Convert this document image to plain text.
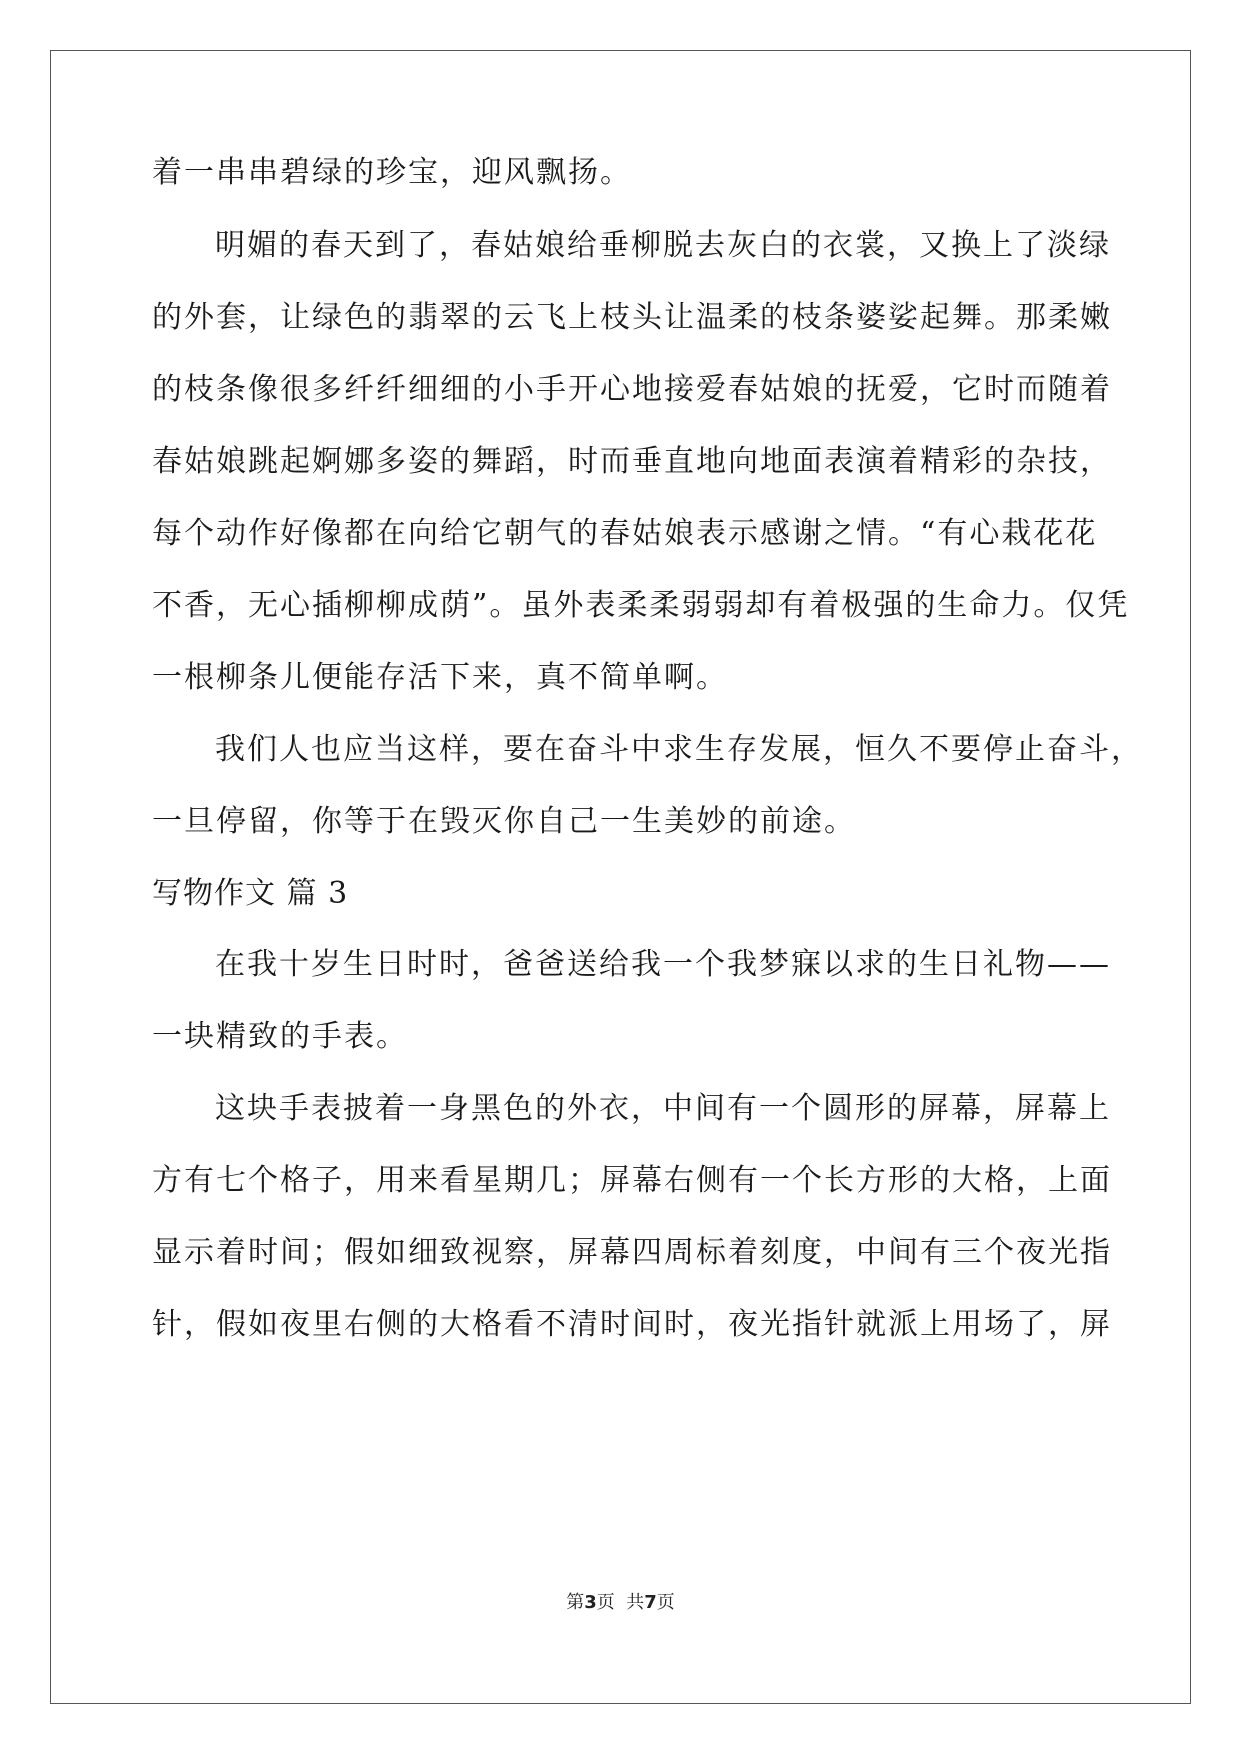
着一串串碧绿的珍宝，迎风飘扬。
明媚的春天到了，春姑娘给垂柳脱去灰白的衣裳，又换上了淡绿
的外套，让绿色的翡翠的云飞上枝头让温柔的枝条婆娑起舞。那柔嫩
的枝条像很多纤纤细细的小手开心地接爱春姑娘的抚爱，它时而随着
春姑娘跳起婀娜多姿的舞蹈，时而垂直地向地面表演着精彩的杂技，
每个动作好像都在向给它朝气的春姑娘表示感谢之情。“有心栽花花
不香，无心插柳柳成荫”。虽外表柔柔弱弱却有着极强的生命力。仅凭
一根柳条儿便能存活下来，真不简单啊。
我们人也应当这样，要在奋斗中求生存发展，恒久不要停止奋斗，
一旦停留，你等于在毁灭你自己一生美妙的前途。
写物作文 篇 3
在我十岁生日时时，爸爸送给我一个我梦寐以求的生日礼物——
一块精致的手表。
这块手表披着一身黑色的外衣，中间有一个圆形的屏幕，屏幕上
方有七个格子，用来看星期几；屏幕右侧有一个长方形的大格，上面
显示着时间；假如细致视察，屏幕四周标着刻度，中间有三个夜光指
针，假如夜里右侧的大格看不清时间时，夜光指针就派上用场了，屏
第3页  共7页
